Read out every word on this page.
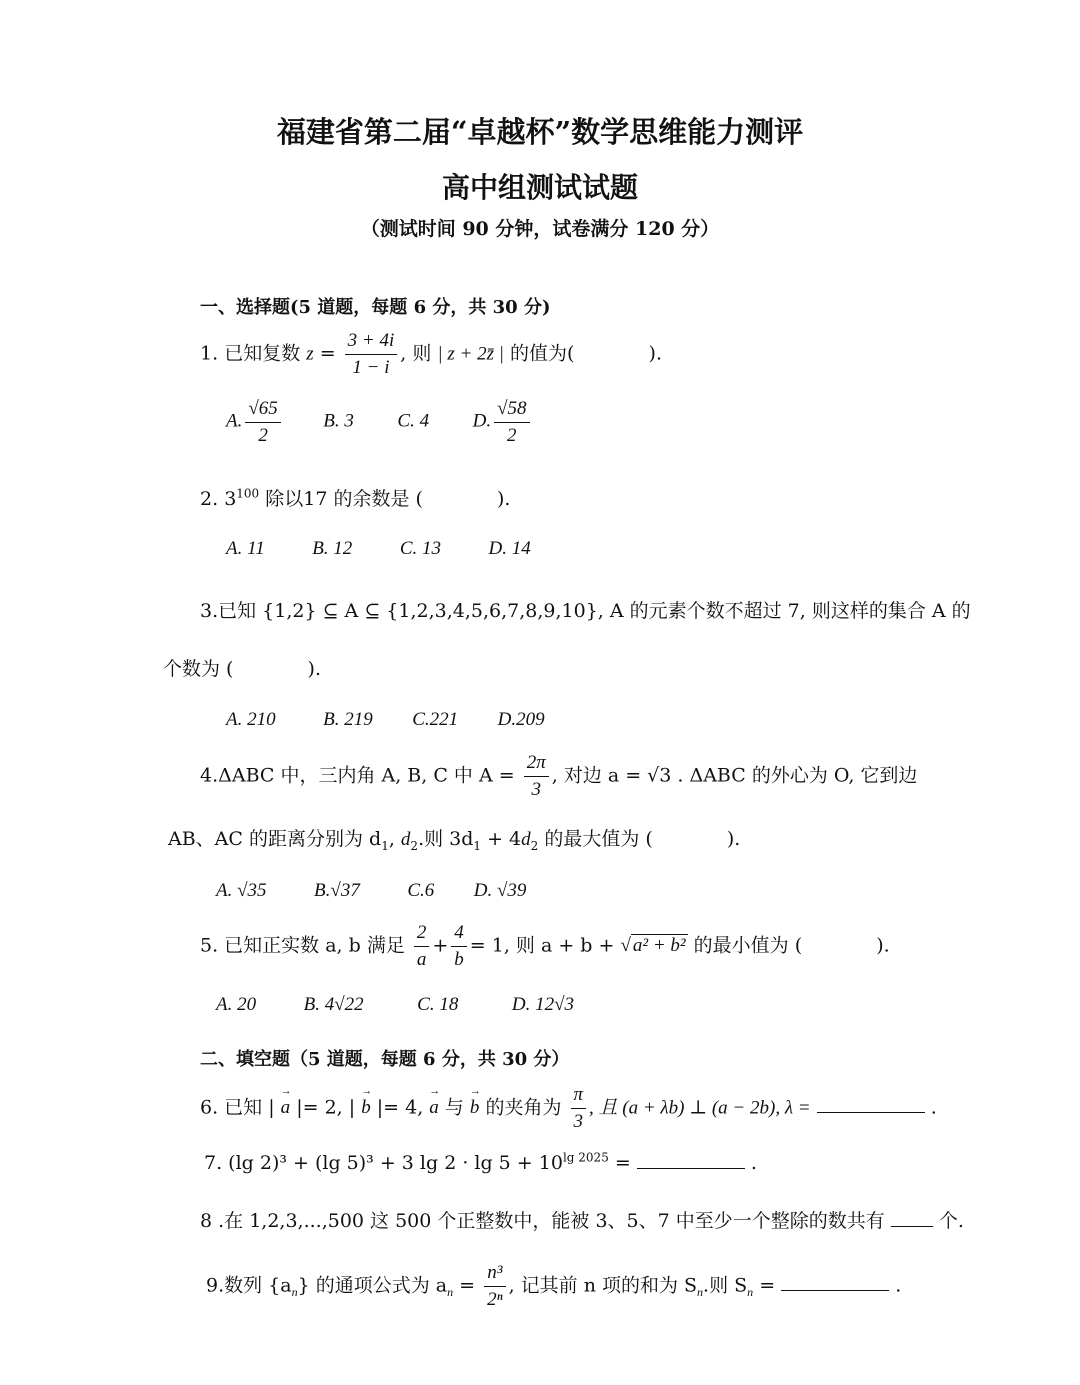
福建省第二届“卓越杯”数学思维能力测评
高中组测试试题
（测试时间 90 分钟，试卷满分 120 分）
一、选择题(5 道题，每题 6 分，共 30 分)
1. 已知复数 $z = \frac{3 + 4i}{1 - i}$ , 则 | z + 2z̄ | 的值为(	).
A. $\frac{√65}{2} B$. 3 C. 4 D. $\frac{√58}{2}$
2. $3^{100}$ 除以17 的余数是 (	).
A. 11	B. 12	C. 13	D. 14
3.已知 {1,2} ⊆ A ⊆ {1,2,3,4,5,6,7,8,9,10}, A 的元素个数不超过 7, 则这样的集合 A 的
个数为 (	).
A. 210	B. 219 C.221 D.209
4.ΔABC 中，三内角 A, B, C 中 $A = \frac{2\pi}{3}$ , 对边 a = √3 . ΔABC 的外心为 O, 它到边
AB、AC 的距离分别为 $d_1$, $d_2$.则 $3d_1 + 4d_2$ 的最大值为 (	).
A. √35	B.√37	C.6 D. √39
5. 已知正实数 a, b 满足 $\frac{2}{a} + \frac{4}{b} = 1$, 则 a + b + √ a² + b² 的最小值为 (	).
A. 20	B. 4√22	C. 18	D. 12√3
二、填空题（5 道题，每题 6 分，共 30 分）
6. 已知 | → a |= 2, | → b |= 4, → a 与 → b 的夹角为 $\frac{\pi}{3}$ , 且 (a + λb) ⊥ (a − 2b), λ =	.
7. (lg 2)³ + (lg 5)³ + 3 $\lg 2 \cdot \lg 5 + 10^{lg 2025}$ =	.
8 .在 1,2,3,...,500 这 500 个正整数中，能被 3、5、7 中至少一个整除的数共有	个.
9.数列 $\{a_n\}$ 的通项公式为 $a_n = \frac{\text{n³}}{\text{2ⁿ}}$ , 记其前 n 项的和为 $S_n$.则 $S_n$ =	.
